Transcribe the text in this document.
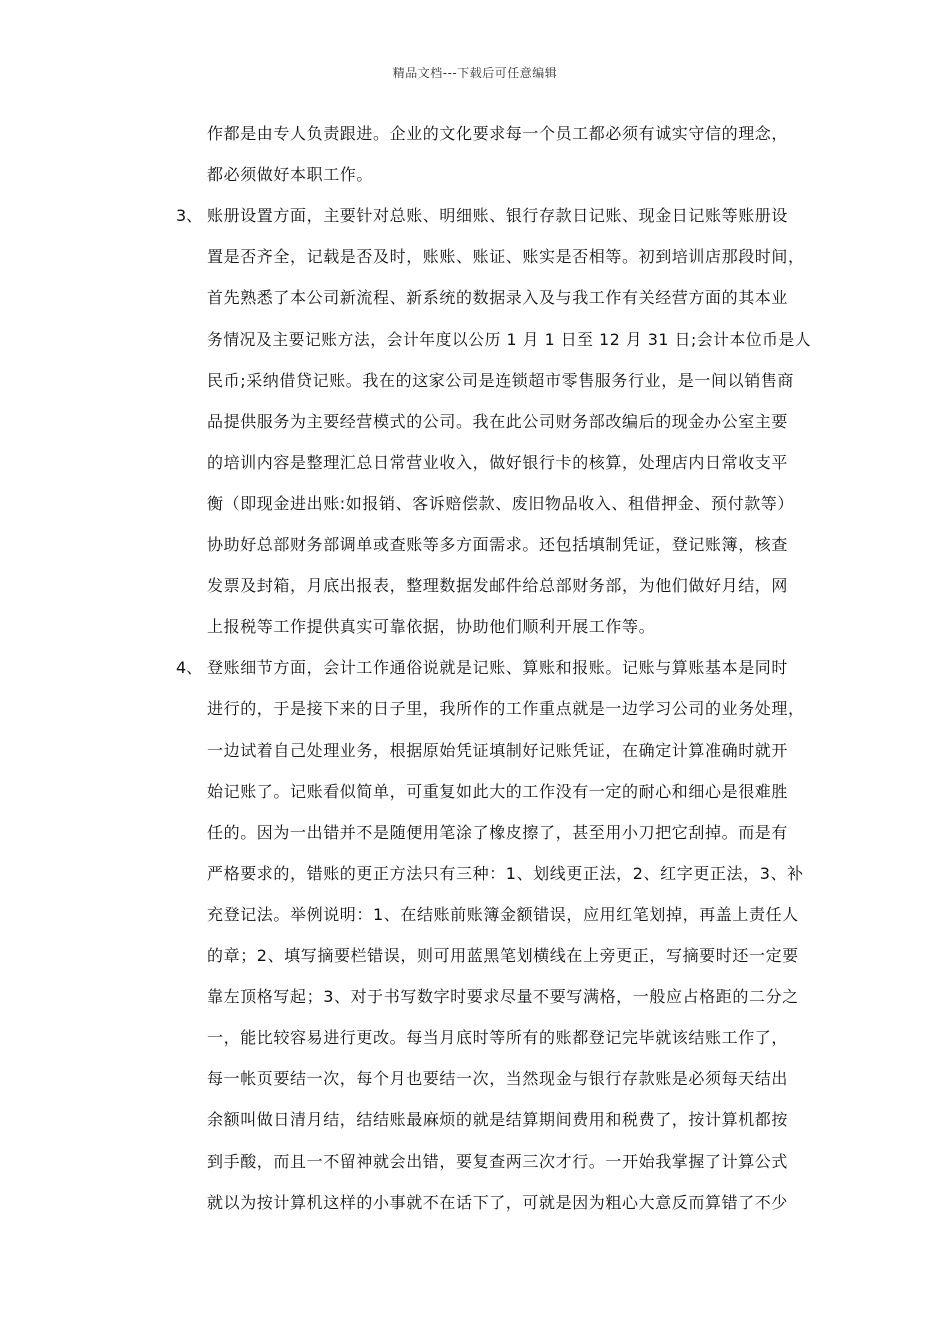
精品文档---下载后可任意编辑
作都是由专人负责跟进。企业的文化要求每一个员工都必须有诚实守信的理念，
都必须做好本职工作。
3、 账册设置方面，主要针对总账、明细账、银行存款日记账、现金日记账等账册设
置是否齐全，记载是否及时，账账、账证、账实是否相等。初到培训店那段时间，
首先熟悉了本公司新流程、新系统的数据录入及与我工作有关经营方面的其本业
务情况及主要记账方法，会计年度以公历 1 月 1 日至 12 月 31 日;会计本位币是人
民币;采纳借贷记账。我在的这家公司是连锁超市零售服务行业，是一间以销售商
品提供服务为主要经营模式的公司。我在此公司财务部改编后的现金办公室主要
的培训内容是整理汇总日常营业收入，做好银行卡的核算，处理店内日常收支平
衡（即现金进出账:如报销、客诉赔偿款、废旧物品收入、租借押金、预付款等）
协助好总部财务部调单或查账等多方面需求。还包括填制凭证，登记账簿，核查
发票及封箱，月底出报表，整理数据发邮件给总部财务部，为他们做好月结，网
上报税等工作提供真实可靠依据，协助他们顺利开展工作等。
4、 登账细节方面，会计工作通俗说就是记账、算账和报账。记账与算账基本是同时
进行的，于是接下来的日子里，我所作的工作重点就是一边学习公司的业务处理，
一边试着自己处理业务，根据原始凭证填制好记账凭证，在确定计算准确时就开
始记账了。记账看似简单，可重复如此大的工作没有一定的耐心和细心是很难胜
任的。因为一出错并不是随便用笔涂了橡皮擦了，甚至用小刀把它刮掉。而是有
严格要求的，错账的更正方法只有三种：1、划线更正法，2、红字更正法，3、补
充登记法。举例说明：1、在结账前账簿金额错误，应用红笔划掉，再盖上责任人
的章；2、填写摘要栏错误，则可用蓝黑笔划横线在上旁更正，写摘要时还一定要
靠左顶格写起；3、对于书写数字时要求尽量不要写满格，一般应占格距的二分之
一，能比较容易进行更改。每当月底时等所有的账都登记完毕就该结账工作了，
每一帐页要结一次，每个月也要结一次，当然现金与银行存款账是必须每天结出
余额叫做日清月结，结结账最麻烦的就是结算期间费用和税费了，按计算机都按
到手酸，而且一不留神就会出错，要复查两三次才行。一开始我掌握了计算公式
就以为按计算机这样的小事就不在话下了，可就是因为粗心大意反而算错了不少
